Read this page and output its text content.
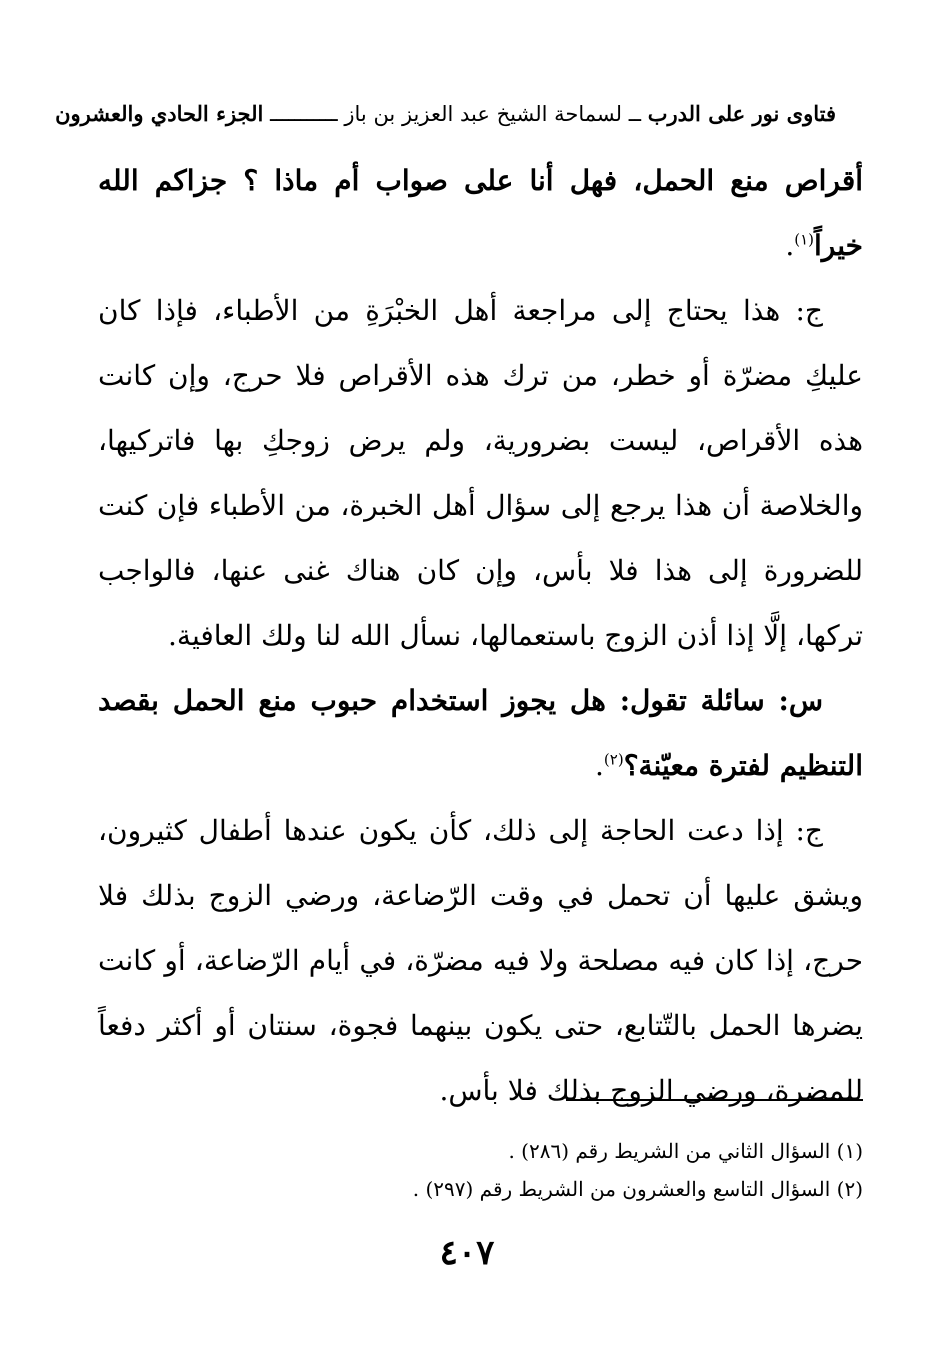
فتاوى نور على الدرب ــ لسماحة الشيخ عبد العزيز بن باز ـــــــــــ الجزء الحادي والعشرون

أقراص منع الحمل، فهل أنا على صواب أم ماذا ؟ جزاكم الله خيراً$^{(١)}$.

ج: هذا يحتاج إلى مراجعة أهل الخبْرَةِ من الأطباء، فإذا كان عليكِ مضرّة أو خطر، من ترك هذه الأقراص فلا حرج، وإن كانت هذه الأقراص، ليست بضرورية، ولم يرض زوجكِ بها فاتركيها، والخلاصة أن هذا يرجع إلى سؤال أهل الخبرة، من الأطباء فإن كنت للضرورة إلى هذا فلا بأس، وإن كان هناك غنى عنها، فالواجب تركها، إلَّا إذا أذن الزوج باستعمالها، نسأل الله لنا ولك العافية.

س: سائلة تقول: هل يجوز استخدام حبوب منع الحمل بقصد التنظيم لفترة معيّنة؟$^{(٢)}$.

ج: إذا دعت الحاجة إلى ذلك، كأن يكون عندها أطفال كثيرون، ويشق عليها أن تحمل في وقت الرّضاعة، ورضي الزوج بذلك فلا حرج، إذا كان فيه مصلحة ولا فيه مضرّة، في أيام الرّضاعة، أو كانت يضرها الحمل بالتّتابع، حتى يكون بينهما فجوة، سنتان أو أكثر دفعاً للمضرة، ورضي الزوج بذلك فلا بأس.

(١) السؤال الثاني من الشريط رقم (٢٨٦) .
(٢) السؤال التاسع والعشرون من الشريط رقم (٢٩٧) .
٤٠٧
